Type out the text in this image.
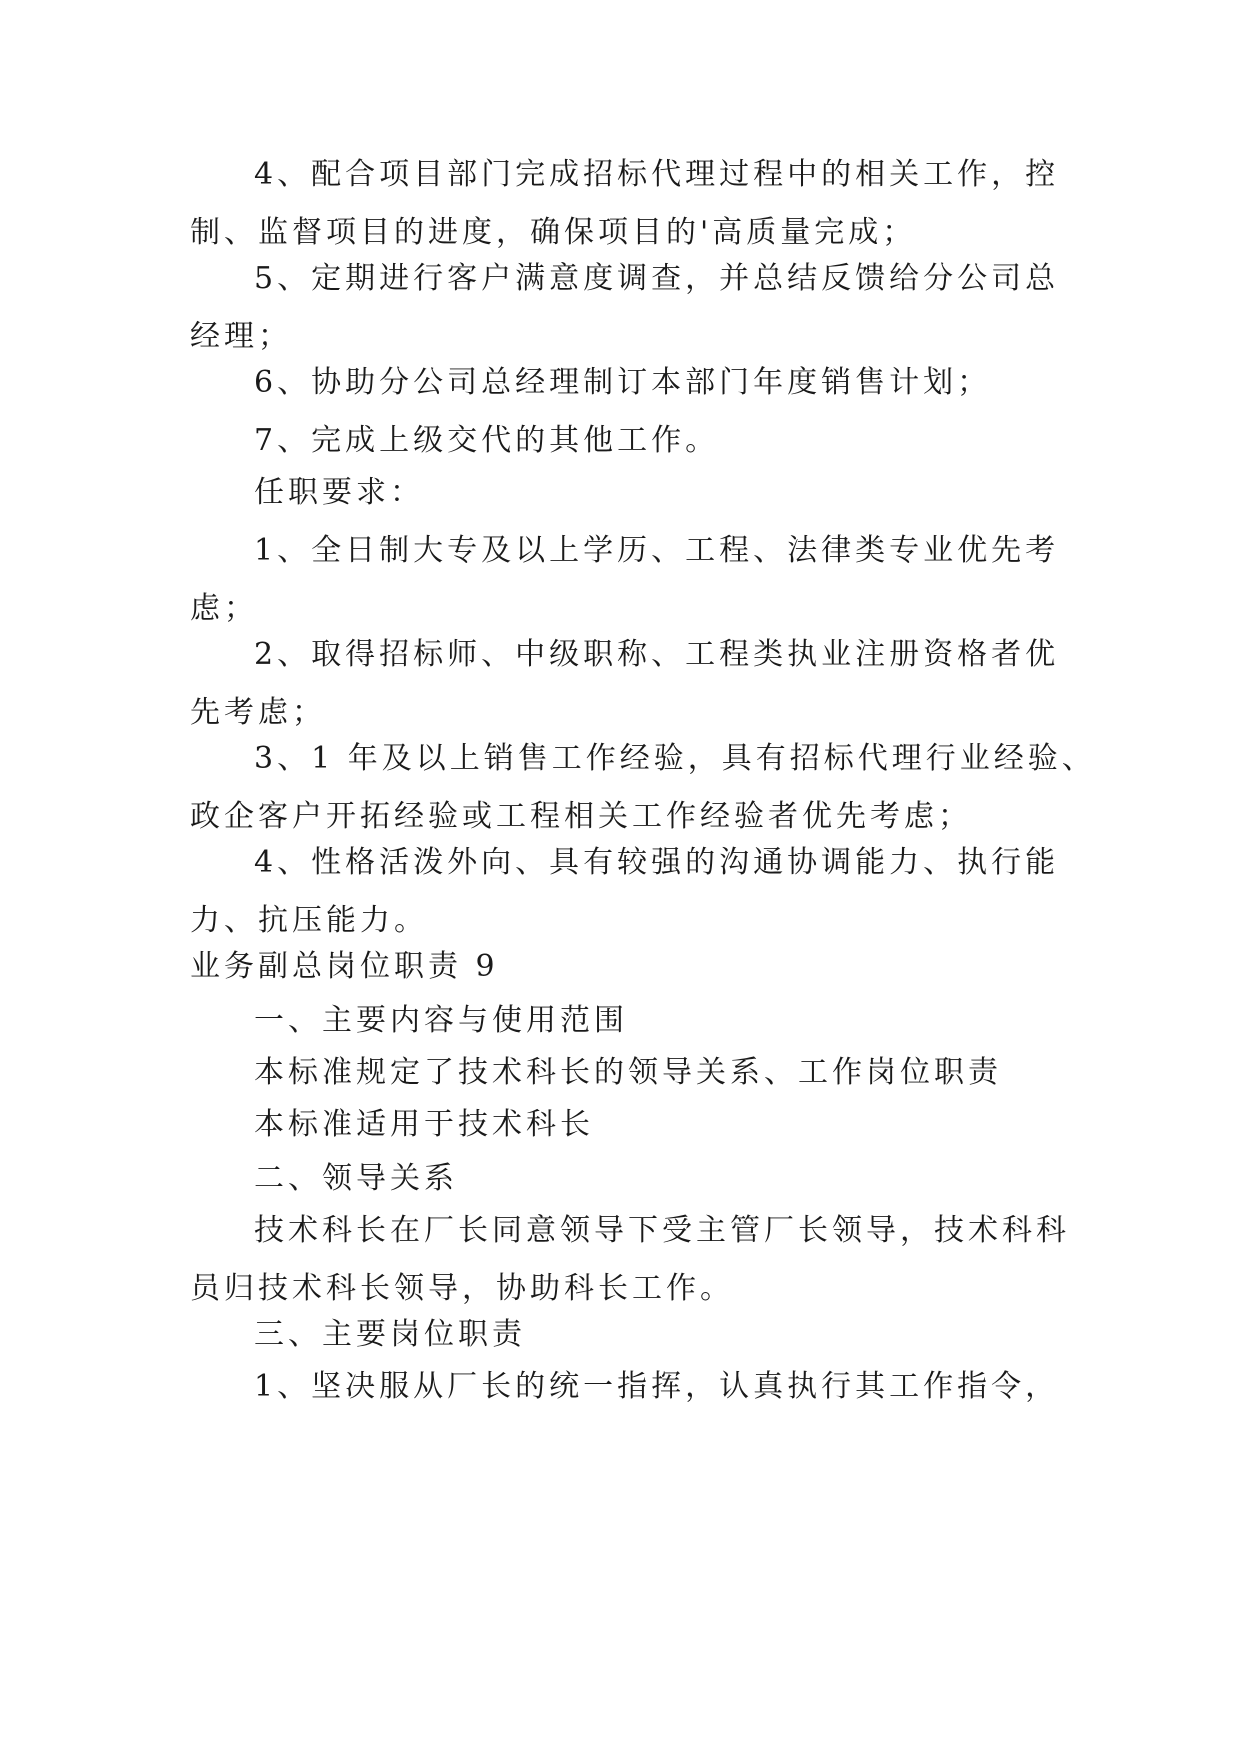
4、配合项目部门完成招标代理过程中的相关工作，控
制、监督项目的进度，确保项目的'高质量完成；

5、定期进行客户满意度调查，并总结反馈给分公司总
经理；

6、协助分公司总经理制订本部门年度销售计划；

7、完成上级交代的其他工作。

任职要求：

1、全日制大专及以上学历、工程、法律类专业优先考
虑；

2、取得招标师、中级职称、工程类执业注册资格者优
先考虑；

3、1 年及以上销售工作经验，具有招标代理行业经验、
政企客户开拓经验或工程相关工作经验者优先考虑；

4、性格活泼外向、具有较强的沟通协调能力、执行能
力、抗压能力。

业务副总岗位职责 9

一、主要内容与使用范围

本标准规定了技术科长的领导关系、工作岗位职责

本标准适用于技术科长

二、领导关系

技术科长在厂长同意领导下受主管厂长领导，技术科科
员归技术科长领导，协助科长工作。

三、主要岗位职责

1、坚决服从厂长的统一指挥，认真执行其工作指令，
